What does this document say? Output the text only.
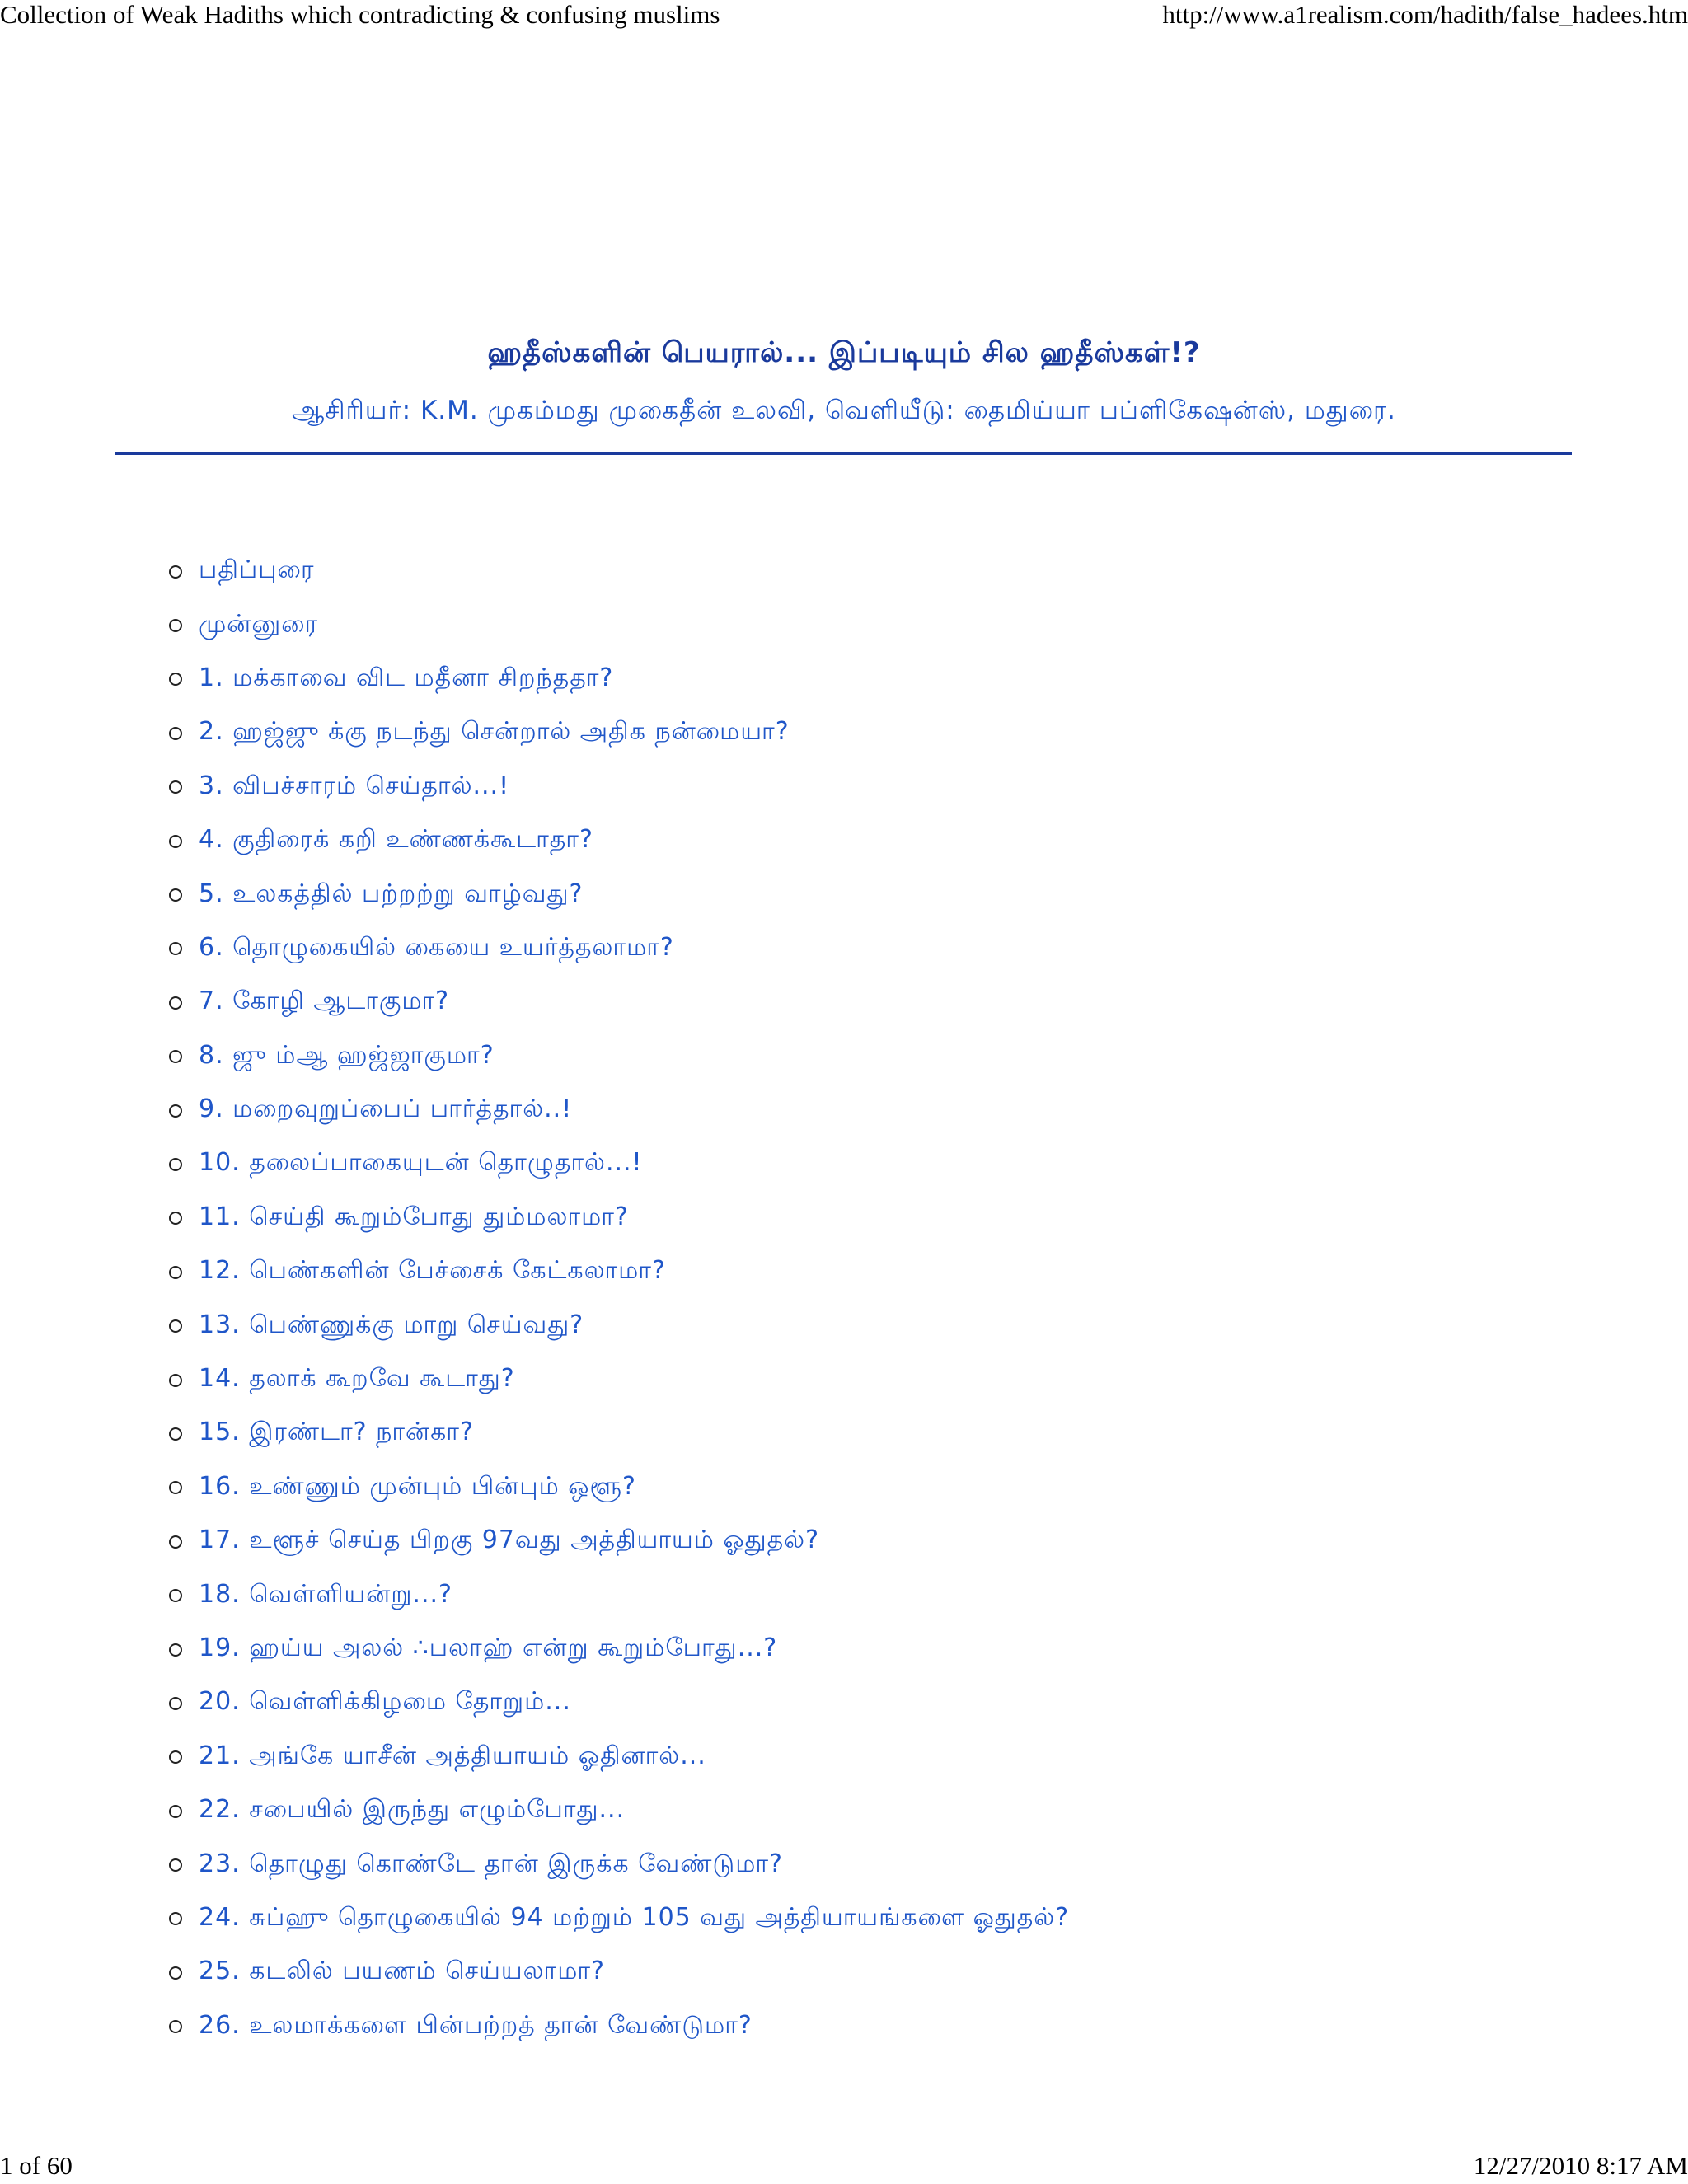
Collection of Weak Hadiths which contradicting & confusing muslims	http://www.a1realism.com/hadith/false_hadees.htm
ஹதீஸ்களின் பெயரால்... இப்படியும் சில ஹதீஸ்கள்!?
ஆசிரியர்: K.M. முகம்மது முகைதீன் உலவி, வெளியீடு: தைமிய்யா பப்ளிகேஷன்ஸ், மதுரை.
பதிப்புரை
முன்னுரை
1. மக்காவை விட மதீனா சிறந்ததா?
2. ஹஜ்ஜு க்கு நடந்து சென்றால் அதிக நன்மையா?
3. விபச்சாரம் செய்தால்...!
4. குதிரைக் கறி உண்ணக்கூடாதா?
5. உலகத்தில் பற்றற்று வாழ்வது?
6. தொழுகையில் கையை உயர்த்தலாமா?
7. கோழி ஆடாகுமா?
8. ஜு ம்ஆ ஹஜ்ஜாகுமா?
9. மறைவுறுப்பைப் பார்த்தால்..!
10. தலைப்பாகையுடன் தொழுதால்...!
11. செய்தி கூறும்போது தும்மலாமா?
12. பெண்களின் பேச்சைக் கேட்கலாமா?
13. பெண்ணுக்கு மாறு செய்வது?
14. தலாக் கூறவே கூடாது?
15. இரண்டா? நான்கா?
16. உண்ணும் முன்பும் பின்பும் ஒளூ?
17. உளூச் செய்த பிறகு 97வது அத்தியாயம் ஓதுதல்?
18. வெள்ளியன்று...?
19. ஹய்ய அலல் ∴பலாஹ் என்று கூறும்போது...?
20. வெள்ளிக்கிழமை தோறும்...
21. அங்கே யாசீன் அத்தியாயம் ஓதினால்...
22. சபையில் இருந்து எழும்போது...
23. தொழுது கொண்டே தான் இருக்க வேண்டுமா?
24. சுப்ஹு தொழுகையில் 94 மற்றும் 105 வது அத்தியாயங்களை ஓதுதல்?
25. கடலில் பயணம் செய்யலாமா?
26. உலமாக்களை பின்பற்றத் தான் வேண்டுமா?
1 of 60	12/27/2010 8:17 AM
